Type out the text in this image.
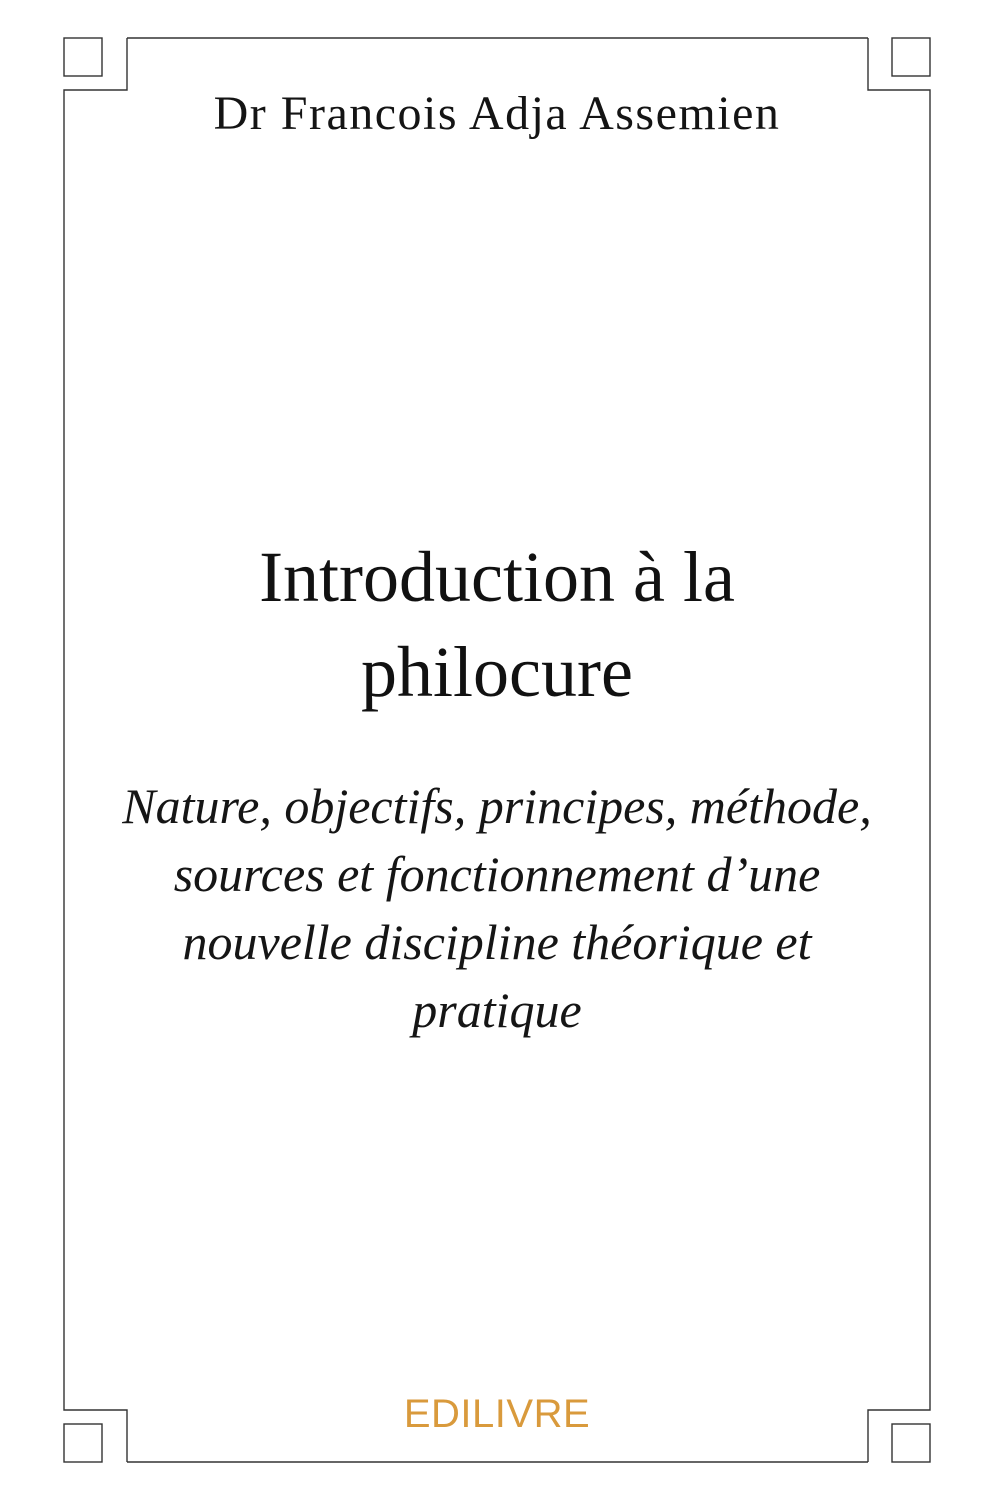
Dr Francois Adja Assemien
Introduction à la
philocure
Nature, objectifs, principes, méthode,
sources et fonctionnement d’une
nouvelle discipline théorique et
pratique
EDILIVRE
